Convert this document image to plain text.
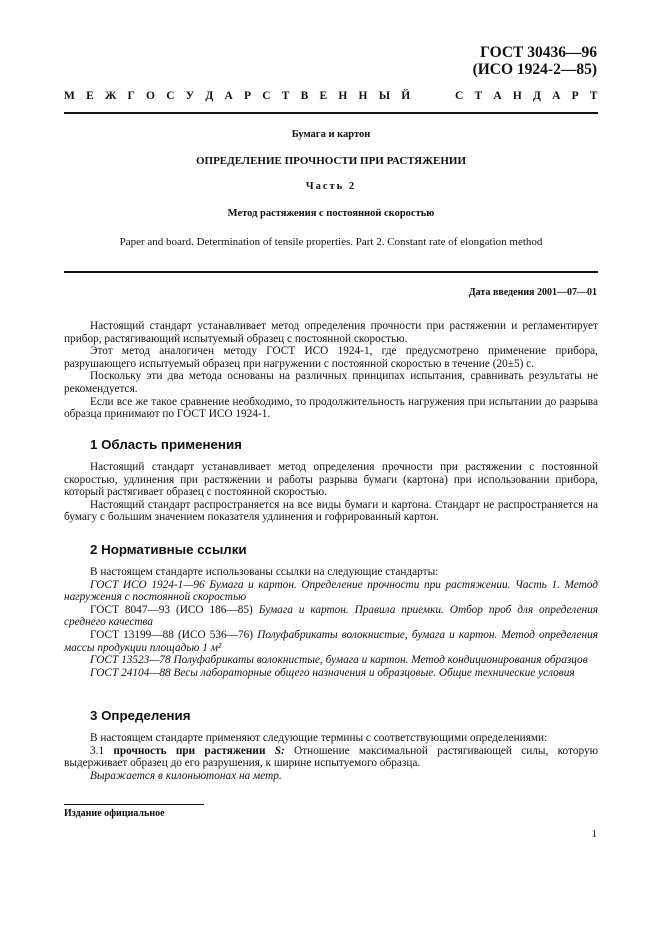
ГОСТ 30436—96
(ИСО 1924-2—85)
М Е Ж Г О С У Д А Р С Т В Е Н Н Ы Й	С Т А Н Д А Р Т
Бумага и картон
ОПРЕДЕЛЕНИЕ ПРОЧНОСТИ ПРИ РАСТЯЖЕНИИ
Часть 2
Метод растяжения с постоянной скоростью
Paper and board. Determination of tensile properties. Part 2. Constant rate of elongation method
Дата введения 2001—07—01

Настоящий стандарт устанавливает метод определения прочности при растяжении и регламентирует прибор, растягивающий испытуемый образец с постоянной скоростью.

Этот метод аналогичен методу ГОСТ ИСО 1924-1, где предусмотрено применение прибора, разрушающего испытуемый образец при нагружении с постоянной скоростью в течение (20±5) с.

Поскольку эти два метода основаны на различных принципах испытания, сравнивать результаты не рекомендуется.

Если все же такое сравнение необходимо, то продолжительность нагружения при испытании до разрыва образца принимают по ГОСТ ИСО 1924-1.

1 Область применения

Настоящий стандарт устанавливает метод определения прочности при растяжении с постоянной скоростью, удлинения при растяжении и работы разрыва бумаги (картона) при использовании прибора, который растягивает образец с постоянной скоростью.

Настоящий стандарт распространяется на все виды бумаги и картона. Стандарт не распространяется на бумагу с большим значением показателя удлинения и гофрированный картон.

2 Нормативные ссылки

В настоящем стандарте использованы ссылки на следующие стандарты:

ГОСТ ИСО 1924-1—96 Бумага и картон. Определение прочности при растяжении. Часть 1. Метод нагружения с постоянной скоростью

ГОСТ 8047—93 (ИСО 186—85) Бумага и картон. Правила приемки. Отбор проб для определения среднего качества

ГОСТ 13199—88 (ИСО 536—76) Полуфабрикаты волокнистые, бумага и картон. Метод определения массы продукции площадью 1 м²

ГОСТ 13523—78 Полуфабрикаты волокнистые, бумага и картон. Метод кондиционирования образцов

ГОСТ 24104—88 Весы лабораторные общего назначения и образцовые. Общие технические условия

3 Определения

В настоящем стандарте применяют следующие термины с соответствующими определениями:

3.1 прочность при растяжении S: Отношение максимальной растягивающей силы, которую выдерживает образец до его разрушения, к ширине испытуемого образца.

Выражается в килоньютонах на метр.

Издание официальное
1
